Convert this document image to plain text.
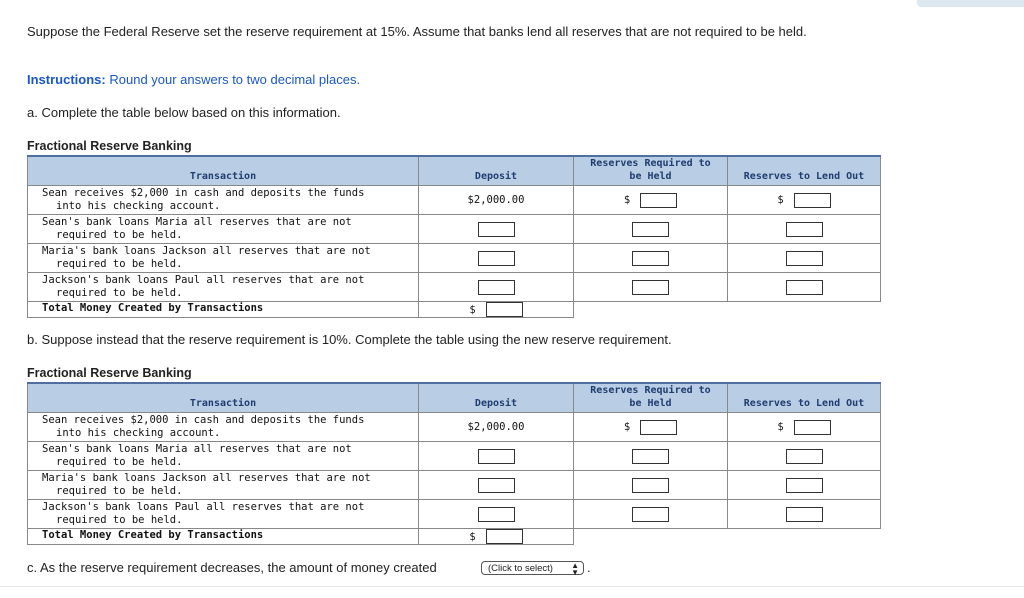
Suppose the Federal Reserve set the reserve requirement at 15%. Assume that banks lend all reserves that are not required to be held.
Instructions: Round your answers to two decimal places.
a. Complete the table below based on this information.
Fractional Reserve Banking
Transaction	Deposit	Reserves Required to
be Held	Reserves to Lend Out
Sean receives $2,000 in cash and deposits the funds
into his checking account.	$2,000.00	$	$
Sean's bank loans Maria all reserves that are not
required to be held.			

Maria's bank loans Jackson all reserves that are not
required to be held.			

Jackson's bank loans Paul all reserves that are not
required to be held.			

Total Money Created by Transactions	$		
b. Suppose instead that the reserve requirement is 10%. Complete the table using the new reserve requirement.
Fractional Reserve Banking
Transaction	Deposit	Reserves Required to
be Held	Reserves to Lend Out
Sean receives $2,000 in cash and deposits the funds
into his checking account.	$2,000.00	$	$
Sean's bank loans Maria all reserves that are not
required to be held.			

Maria's bank loans Jackson all reserves that are not
required to be held.			

Jackson's bank loans Paul all reserves that are not
required to be held.			

Total Money Created by Transactions	$		
c. As the reserve requirement decreases, the amount of money created	(Click to select) ▲
▼ .
